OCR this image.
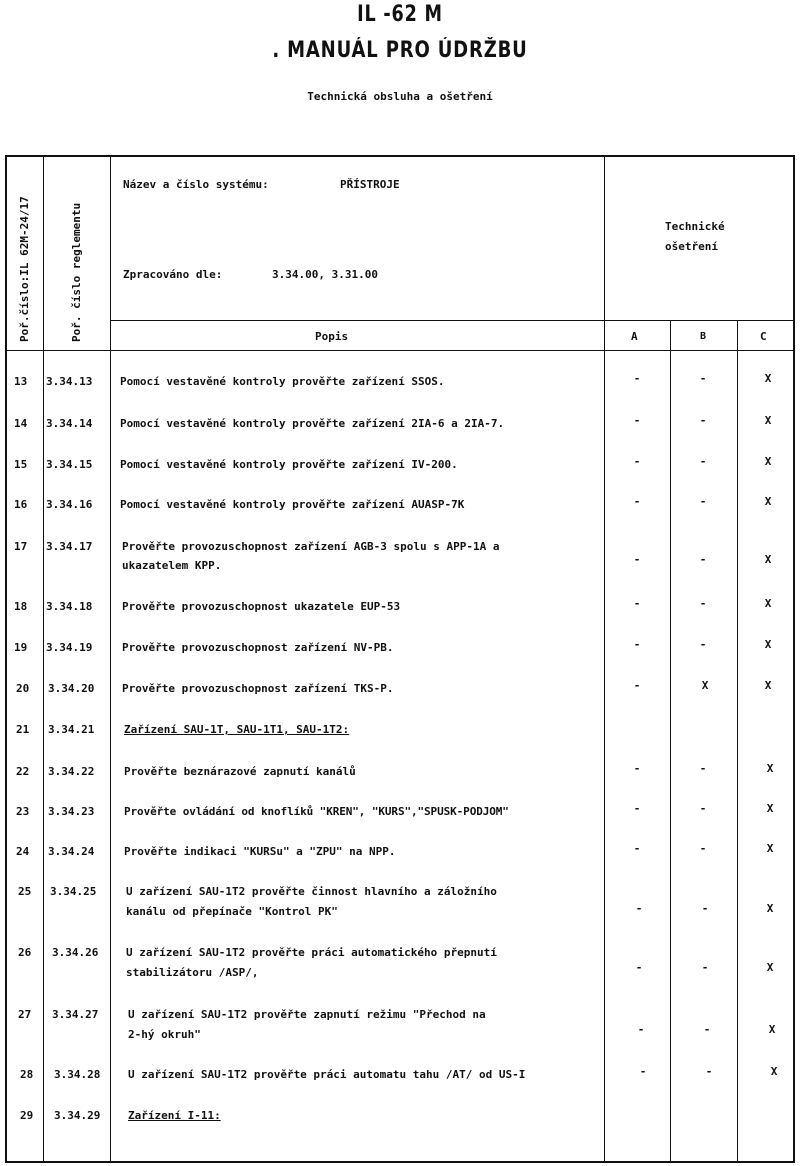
IL -62 M
. MANUÁL PRO ÚDRŽBU
Technická obsluha a ošetření
Poř.číslo:IL 62M-24/17	Poř. číslo reglementu
Název a číslo systému:	PŘÍSTROJE
Zpracováno dle:	3.34.00, 3.31.00
Technické
ošetření
Popis	A	B	C
13 3.34.13	Pomocí vestavěné kontroly prověřte zařízení SSOS.	-	-	X
14 3.34.14	Pomocí vestavěné kontroly prověřte zařízení 2IA-6 a 2IA-7.	-	-	X
15 3.34.15	Pomocí vestavěné kontroly prověřte zařízení IV-200.	-	-	X
16 3.34.16	Pomocí vestavěné kontroly prověřte zařízení AUASP-7K	-	-	X
17 3.34.17	Prověřte provozuschopnost zařízení AGB-3 spolu s APP-1A a
ukazatelem KPP.	-	-	X
18 3.34.18	Prověřte provozuschopnost ukazatele EUP-53	-	-	X
19 3.34.19	Prověřte provozuschopnost zařízení NV-PB.	-	-	X
20 3.34.20	Prověřte provozuschopnost zařízení TKS-P.	-	X	X
21 3.34.21	Zařízení SAU-1T, SAU-1T1, SAU-1T2:
22 3.34.22	Prověřte beznárazové zapnutí kanálů	-	-	X
23 3.34.23	Prověřte ovládání od knoflíků "KREN", "KURS","SPUSK-PODJOM"	-	-	X
24 3.34.24	Prověřte indikaci "KURSu" a "ZPU" na NPP.	-	-	X
25 3.34.25	U zařízení SAU-1T2 prověřte činnost hlavního a záložního
kanálu od přepínače "Kontrol PK"	-	-	X
26 3.34.26	U zařízení SAU-1T2 prověřte práci automatického přepnutí
stabilizátoru /ASP/,	-	-	X
27 3.34.27	U zařízení SAU-1T2 prověřte zapnutí režimu "Přechod na
2-hý okruh"	-	-	X
28 3.34.28	U zařízení SAU-1T2 prověřte práci automatu tahu /AT/ od US-I	-	-	X
29 3.34.29	Zařízení I-11:
